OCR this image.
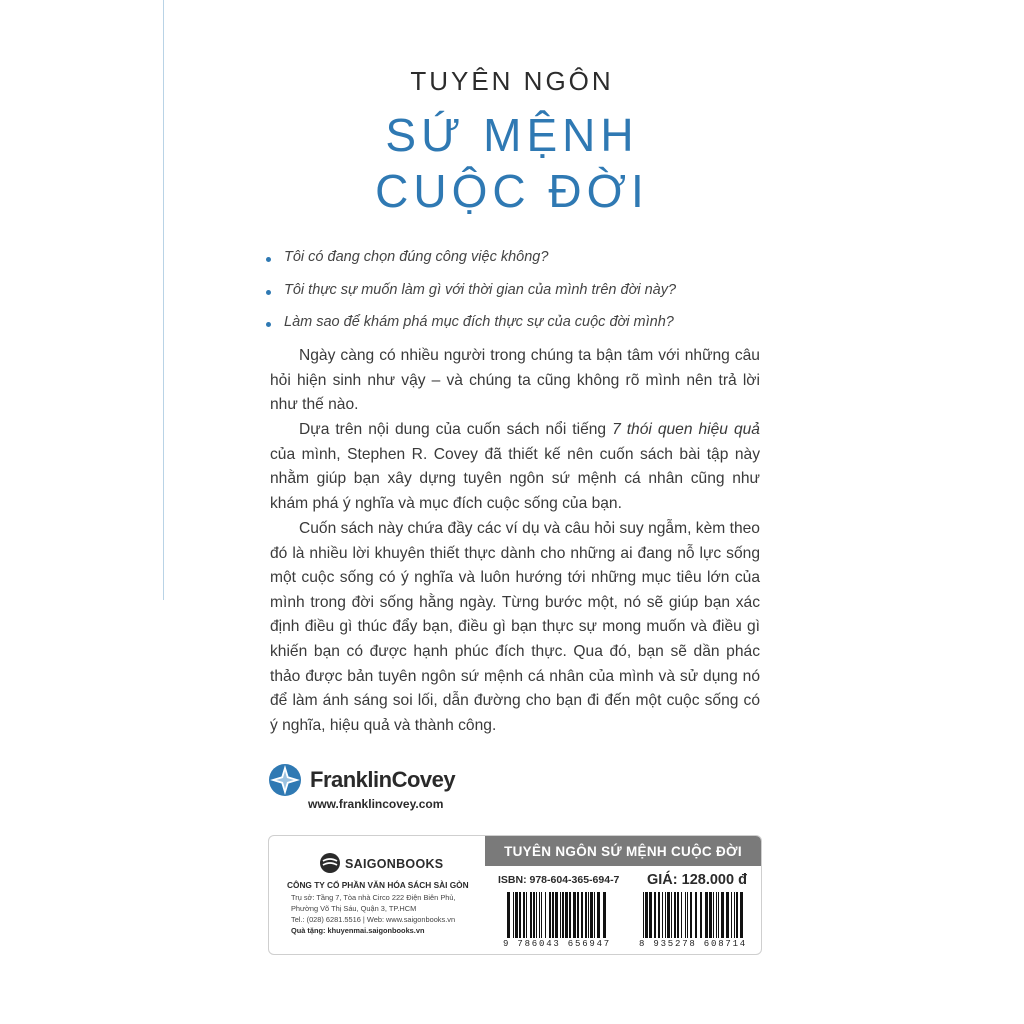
TUYÊN NGÔN
SỨ MỆNH
CUỘC ĐỜI
Tôi có đang chọn đúng công việc không?
Tôi thực sự muốn làm gì với thời gian của mình trên đời này?
Làm sao để khám phá mục đích thực sự của cuộc đời mình?

Ngày càng có nhiều người trong chúng ta bận tâm với những câu hỏi hiện sinh như vậy – và chúng ta cũng không rõ mình nên trả lời như thế nào.

Dựa trên nội dung của cuốn sách nổi tiếng 7 thói quen hiệu quả của mình, Stephen R. Covey đã thiết kế nên cuốn sách bài tập này nhằm giúp bạn xây dựng tuyên ngôn sứ mệnh cá nhân cũng như khám phá ý nghĩa và mục đích cuộc sống của bạn.

Cuốn sách này chứa đầy các ví dụ và câu hỏi suy ngẫm, kèm theo đó là nhiều lời khuyên thiết thực dành cho những ai đang nỗ lực sống một cuộc sống có ý nghĩa và luôn hướng tới những mục tiêu lớn của mình trong đời sống hằng ngày. Từng bước một, nó sẽ giúp bạn xác định điều gì thúc đẩy bạn, điều gì bạn thực sự mong muốn và điều gì khiến bạn có được hạnh phúc đích thực. Qua đó, bạn sẽ dần phác thảo được bản tuyên ngôn sứ mệnh cá nhân của mình và sử dụng nó để làm ánh sáng soi lối, dẫn đường cho bạn đi đến một cuộc sống có ý nghĩa, hiệu quả và thành công.

FranklinCovey
www.franklincovey.com
SAIGONBOOKS
CÔNG TY CỔ PHẦN VĂN HÓA SÁCH SÀI GÒN
Trụ sở: Tầng 7, Tòa nhà Circo 222 Điện Biên Phủ,
Phường Võ Thị Sáu, Quận 3, TP.HCM
Tel.: (028) 6281.5516 | Web: www.saigonbooks.vn
Quà tặng: khuyenmai.saigonbooks.vn
TUYÊN NGÔN SỨ MỆNH CUỘC ĐỜI
ISBN: 978-604-365-694-7 GIÁ: 128.000 đ
9 786043 656947	8 935278 608714
